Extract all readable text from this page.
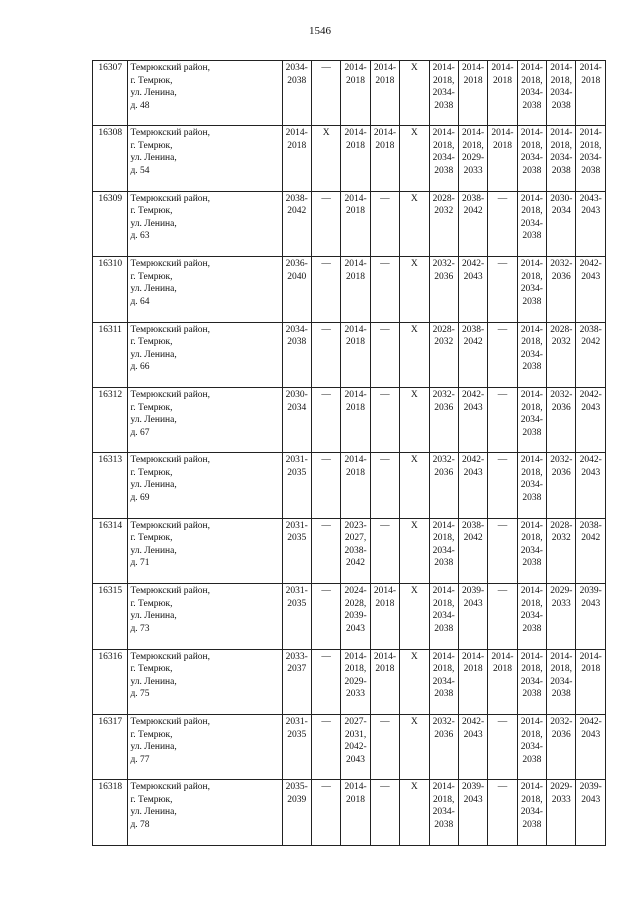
1546
16307	Темрюкский район,
г. Темрюк,
ул. Ленина,
д. 48	2034-
2038	—	2014-
2018	2014-
2018	X	2014-
2018,
2034-
2038	2014-
2018	2014-
2018	2014-
2018,
2034-
2038	2014-
2018,
2034-
2038	2014-
2018

16308	Темрюкский район,
г. Темрюк,
ул. Ленина,
д. 54	2014-
2018	X	2014-
2018	2014-
2018	X	2014-
2018,
2034-
2038	2014-
2018,
2029-
2033	2014-
2018	2014-
2018,
2034-
2038	2014-
2018,
2034-
2038	2014-
2018,
2034-
2038

16309	Темрюкский район,
г. Темрюк,
ул. Ленина,
д. 63	2038-
2042	—	2014-
2018	—	X	2028-
2032	2038-
2042	—	2014-
2018,
2034-
2038	2030-
2034	2043-
2043

16310	Темрюкский район,
г. Темрюк,
ул. Ленина,
д. 64	2036-
2040	—	2014-
2018	—	X	2032-
2036	2042-
2043	—	2014-
2018,
2034-
2038	2032-
2036	2042-
2043

16311	Темрюкский район,
г. Темрюк,
ул. Ленина,
д. 66	2034-
2038	—	2014-
2018	—	X	2028-
2032	2038-
2042	—	2014-
2018,
2034-
2038	2028-
2032	2038-
2042

16312	Темрюкский район,
г. Темрюк,
ул. Ленина,
д. 67	2030-
2034	—	2014-
2018	—	X	2032-
2036	2042-
2043	—	2014-
2018,
2034-
2038	2032-
2036	2042-
2043

16313	Темрюкский район,
г. Темрюк,
ул. Ленина,
д. 69	2031-
2035	—	2014-
2018	—	X	2032-
2036	2042-
2043	—	2014-
2018,
2034-
2038	2032-
2036	2042-
2043

16314	Темрюкский район,
г. Темрюк,
ул. Ленина,
д. 71	2031-
2035	—	2023-
2027,
2038-
2042	—	X	2014-
2018,
2034-
2038	2038-
2042	—	2014-
2018,
2034-
2038	2028-
2032	2038-
2042

16315	Темрюкский район,
г. Темрюк,
ул. Ленина,
д. 73	2031-
2035	—	2024-
2028,
2039-
2043	2014-
2018	X	2014-
2018,
2034-
2038	2039-
2043	—	2014-
2018,
2034-
2038	2029-
2033	2039-
2043

16316	Темрюкский район,
г. Темрюк,
ул. Ленина,
д. 75	2033-
2037	—	2014-
2018,
2029-
2033	2014-
2018	X	2014-
2018,
2034-
2038	2014-
2018	2014-
2018	2014-
2018,
2034-
2038	2014-
2018,
2034-
2038	2014-
2018

16317	Темрюкский район,
г. Темрюк,
ул. Ленина,
д. 77	2031-
2035	—	2027-
2031,
2042-
2043	—	X	2032-
2036	2042-
2043	—	2014-
2018,
2034-
2038	2032-
2036	2042-
2043

16318	Темрюкский район,
г. Темрюк,
ул. Ленина,
д. 78	2035-
2039	—	2014-
2018	—	X	2014-
2018,
2034-
2038	2039-
2043	—	2014-
2018,
2034-
2038	2029-
2033	2039-
2043
